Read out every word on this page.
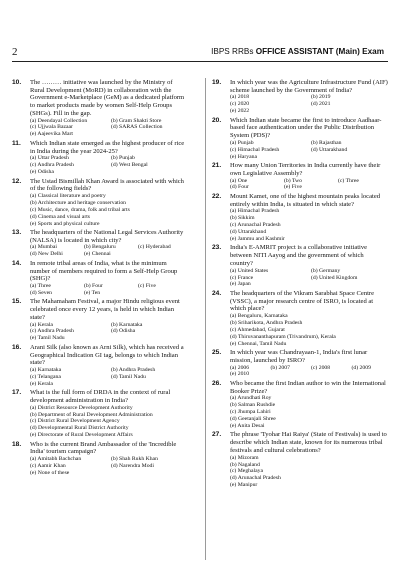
2	IBPS RRBs OFFICE ASSISTANT (Main) Exam
10. The ……… initiative was launched by the Ministry of Rural Development (MoRD) in collaboration with the Government e-Marketplace (GeM) as a dedicated platform to market products made by women Self-Help Groups (SHGs). Fill in the gap.
(a) Deendayal Collection	(b) Gram Shakti Store
(c) Ujjwala Bazaar	(d) SARAS Collection
(e) Aajeevika Mart
11. Which Indian state emerged as the highest producer of rice in India during the year 2024-25?
(a) Uttar Pradesh	(b) Punjab
(c) Andhra Pradesh	(d) West Bengal
(e) Odisha
12. The Ustad Bismillah Khan Award is associated with which of the following fields?
(a) Classical literature and poetry
(b) Architecture and heritage conservation
(c) Music, dance, drama, folk and tribal arts
(d) Cinema and visual arts
(e) Sports and physical culture
13. The headquarters of the National Legal Services Authority (NALSA) is located in which city?
(a) Mumbai	(b) Bengaluru	(c) Hyderabad
(d) New Delhi	(e) Chennai
14. In remote tribal areas of India, what is the minimum number of members required to form a Self-Help Group (SHG)?
(a) Three	(b) Four	(c) Five
(d) Seven	(e) Ten
15. The Mahamaham Festival, a major Hindu religious event celebrated once every 12 years, is held in which Indian state?
(a) Kerala	(b) Karnataka
(c) Andhra Pradesh	(d) Odisha
(e) Tamil Nadu
16. Arani Silk (also known as Arni Silk), which has received a Geographical Indication GI tag, belongs to which Indian state?
(a) Karnataka	(b) Andhra Pradesh
(c) Telangana	(d) Tamil Nadu
(e) Kerala
17. What is the full form of DRDA in the context of rural development administration in India?
(a) District Resource Development Authority
(b) Department of Rural Development Administration
(c) District Rural Development Agency
(d) Developmental Rural District Authority
(e) Directorate of Rural Development Affairs
18. Who is the current Brand Ambassador of the 'Incredible India' tourism campaign?
(a) Amitabh Bachchan	(b) Shah Rukh Khan
(c) Aamir Khan	(d) Narendra Modi
(e) None of these
19. In which year was the Agriculture Infrastructure Fund (AIF) scheme launched by the Government of India?
(a) 2018	(b) 2019
(c) 2020	(d) 2021
(e) 2022
20. Which Indian state became the first to introduce Aadhaar-based face authentication under the Public Distribution System (PDS)?
(a) Punjab	(b) Rajasthan
(c) Himachal Pradesh	(d) Uttarakhand
(e) Haryana
21. How many Union Territories in India currently have their own Legislative Assembly?
(a) One	(b) Two	(c) Three
(d) Four	(e) Five
22. Mount Kamet, one of the highest mountain peaks located entirely within India, is situated in which state?
(a) Himachal Pradesh
(b) Sikkim
(c) Arunachal Pradesh
(d) Uttarakhand
(e) Jammu and Kashmir
23. India's E-AMRIT project is a collaborative initiative between NITI Aayog and the government of which country?
(a) United States	(b) Germany
(c) France	(d) United Kingdom
(e) Japan
24. The headquarters of the Vikram Sarabhai Space Centre (VSSC), a major research centre of ISRO, is located at which place?
(a) Bengaluru, Karnataka
(b) Sriharikota, Andhra Pradesh
(c) Ahmedabad, Gujarat
(d) Thiruvananthapuram (Trivandrum), Kerala
(e) Chennai, Tamil Nadu
25. In which year was Chandrayaan-1, India's first lunar mission, launched by ISRO?
(a) 2006	(b) 2007	(c) 2008	(d) 2009
(e) 2010
26. Who became the first Indian author to win the International Booker Prize?
(a) Arundhati Roy
(b) Salman Rushdie
(c) Jhumpa Lahiri
(d) Geetanjali Shree
(e) Anita Desai
27. The phrase 'Tyohar Hai Raiya' (State of Festivals) is used to describe which Indian state, known for its numerous tribal festivals and cultural celebrations?
(a) Mizoram
(b) Nagaland
(c) Meghalaya
(d) Arunachal Pradesh
(e) Manipur
